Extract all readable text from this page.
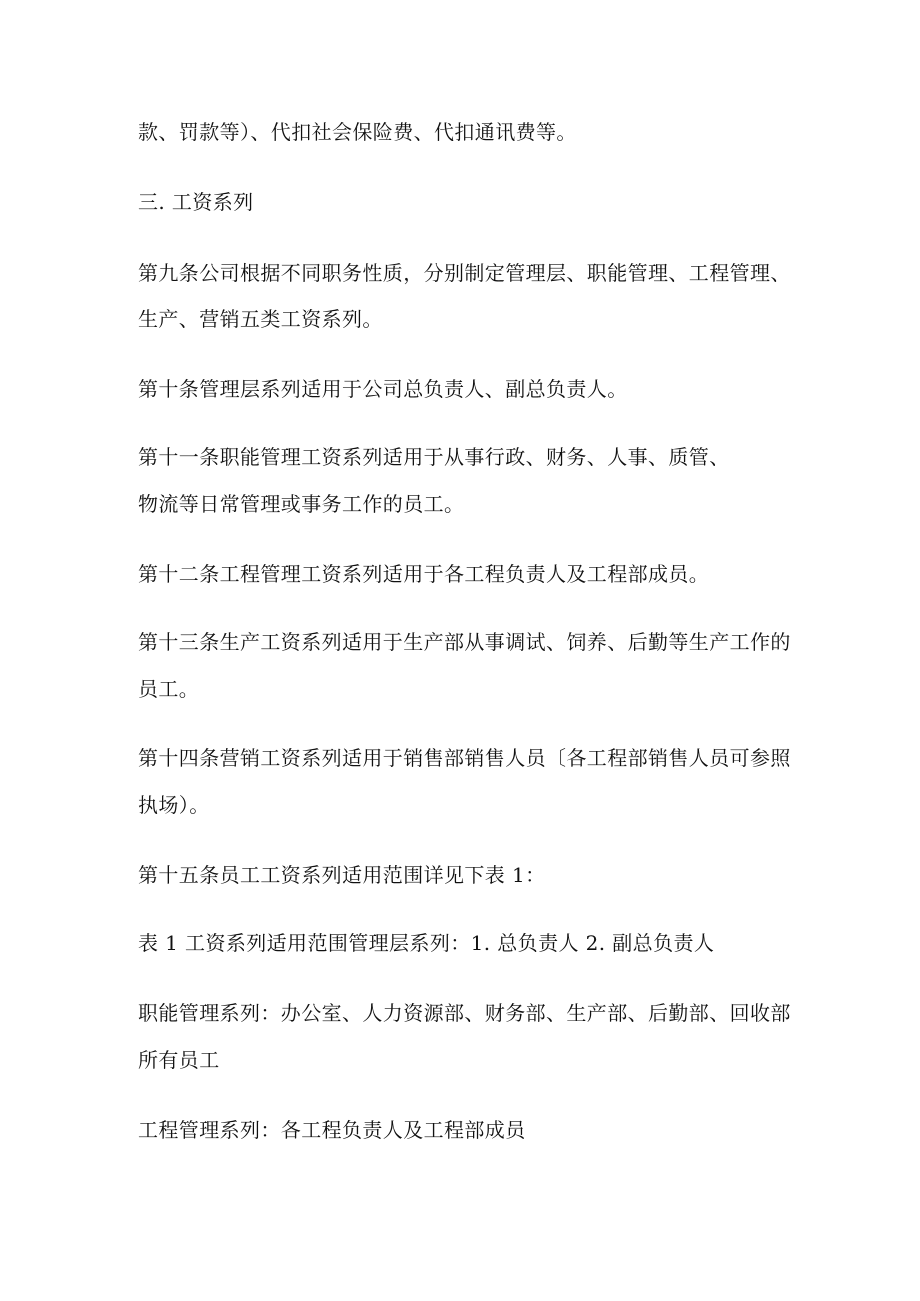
款、罚款等）、代扣社会保险费、代扣通讯费等。
三. 工资系列
第九条公司根据不同职务性质，分别制定管理层、职能管理、工程管理、
生产、营销五类工资系列。
第十条管理层系列适用于公司总负责人、副总负责人。
第十一条职能管理工资系列适用于从事行政、财务、人事、质管、
物流等日常管理或事务工作的员工。
第十二条工程管理工资系列适用于各工程负责人及工程部成员。
第十三条生产工资系列适用于生产部从事调试、饲养、后勤等生产工作的
员工。
第十四条营销工资系列适用于销售部销售人员〔各工程部销售人员可参照
执场）。
第十五条员工工资系列适用范围详见下表 1：
表 1 工资系列适用范围管理层系列：1. 总负责人 2. 副总负责人
职能管理系列：办公室、人力资源部、财务部、生产部、后勤部、回收部
所有员工
工程管理系列：各工程负责人及工程部成员
